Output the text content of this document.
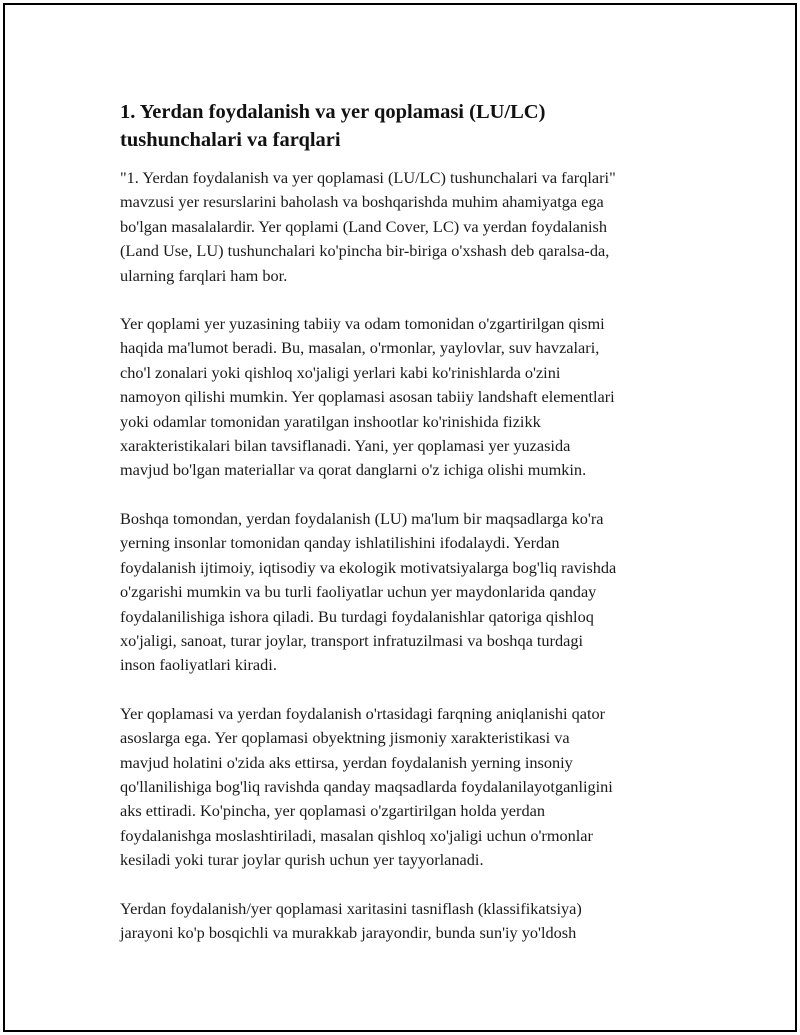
1. Yerdan foydalanish va yer qoplamasi (LU/LC)
tushunchalari va farqlari

"1. Yerdan foydalanish va yer qoplamasi (LU/LC) tushunchalari va farqlari"
mavzusi yer resurslarini baholash va boshqarishda muhim ahamiyatga ega
bo'lgan masalalardir. Yer qoplami (Land Cover, LC) va yerdan foydalanish
(Land Use, LU) tushunchalari ko'pincha bir-biriga o'xshash deb qaralsa-da,
ularning farqlari ham bor.

Yer qoplami yer yuzasining tabiiy va odam tomonidan o'zgartirilgan qismi
haqida ma'lumot beradi. Bu, masalan, o'rmonlar, yaylovlar, suv havzalari,
cho'l zonalari yoki qishloq xo'jaligi yerlari kabi ko'rinishlarda o'zini
namoyon qilishi mumkin. Yer qoplamasi asosan tabiiy landshaft elementlari
yoki odamlar tomonidan yaratilgan inshootlar ko'rinishida fizikk
xarakteristikalari bilan tavsiflanadi. Yani, yer qoplamasi yer yuzasida
mavjud bo'lgan materiallar va qorat danglarni o'z ichiga olishi mumkin.

Boshqa tomondan, yerdan foydalanish (LU) ma'lum bir maqsadlarga ko'ra
yerning insonlar tomonidan qanday ishlatilishini ifodalaydi. Yerdan
foydalanish ijtimoiy, iqtisodiy va ekologik motivatsiyalarga bog'liq ravishda
o'zgarishi mumkin va bu turli faoliyatlar uchun yer maydonlarida qanday
foydalanilishiga ishora qiladi. Bu turdagi foydalanishlar qatoriga qishloq
xo'jaligi, sanoat, turar joylar, transport infratuzilmasi va boshqa turdagi
inson faoliyatlari kiradi.

Yer qoplamasi va yerdan foydalanish o'rtasidagi farqning aniqlanishi qator
asoslarga ega. Yer qoplamasi obyektning jismoniy xarakteristikasi va
mavjud holatini o'zida aks ettirsa, yerdan foydalanish yerning insoniy
qo'llanilishiga bog'liq ravishda qanday maqsadlarda foydalanilayotganligini
aks ettiradi. Ko'pincha, yer qoplamasi o'zgartirilgan holda yerdan
foydalanishga moslashtiriladi, masalan qishloq xo'jaligi uchun o'rmonlar
kesiladi yoki turar joylar qurish uchun yer tayyorlanadi.

Yerdan foydalanish/yer qoplamasi xaritasini tasniflash (klassifikatsiya)
jarayoni ko'p bosqichli va murakkab jarayondir, bunda sun'iy yo'ldosh
